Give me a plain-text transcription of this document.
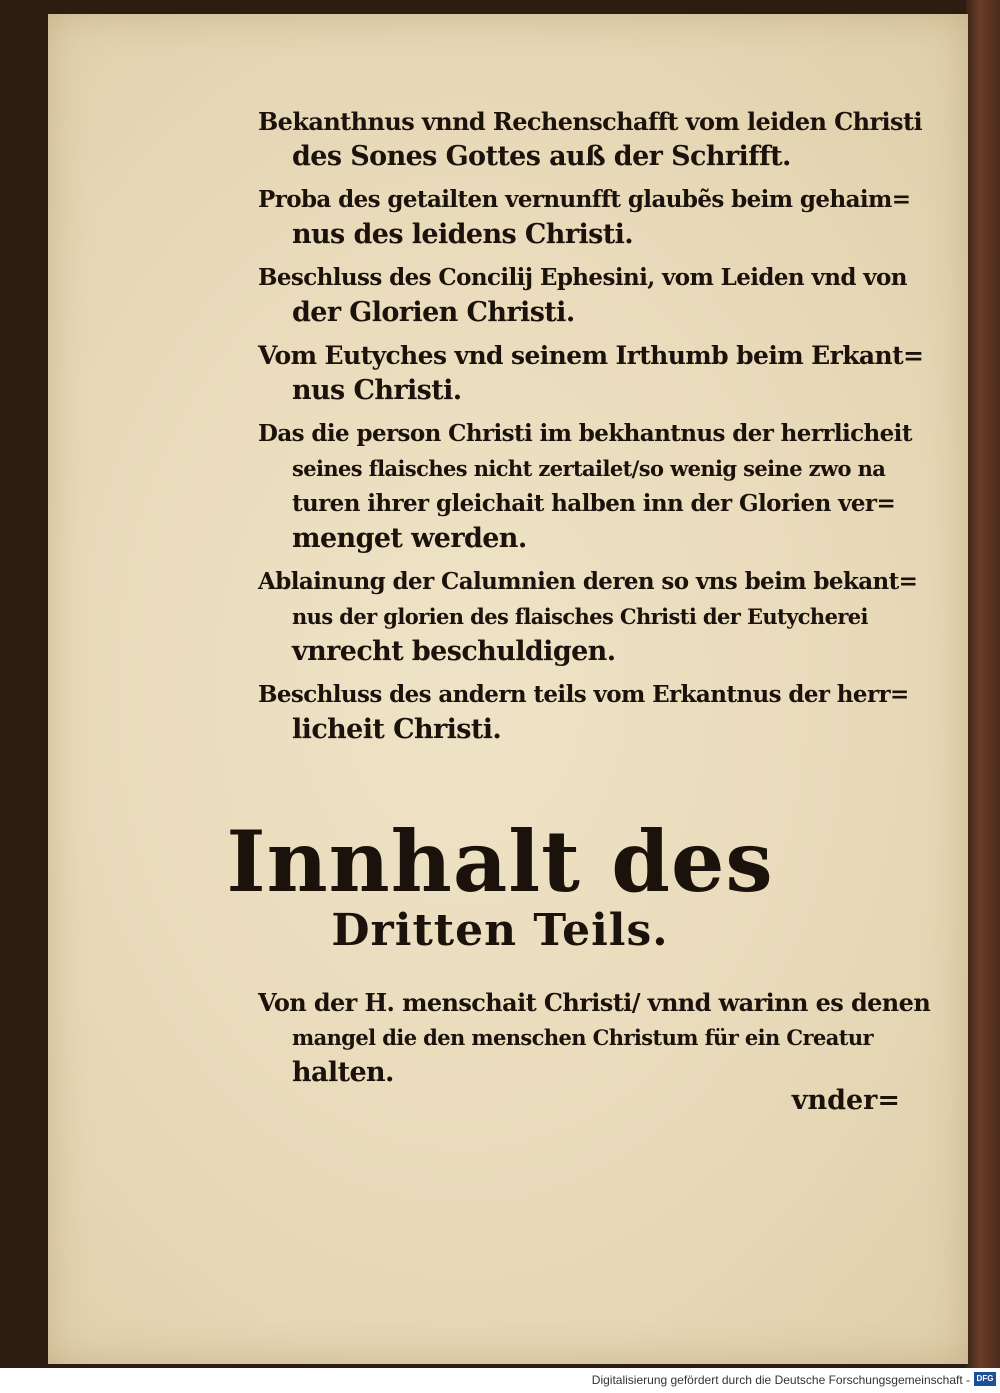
Bekanthnus vnnd Rechenschafft vom leiden Christi
des Sones Gottes auß der Schrifft.
Proba des getailten vernunfft glaubẽs beim gehaim=
nus des leidens Christi.
Beschluss des Concilij Ephesini, vom Leiden vnd von
der Glorien Christi.
Vom Eutyches vnd seinem Irthumb beim Erkant=
nus Christi.
Das die person Christi im bekhantnus der herrlicheit
seines flaisches nicht zertailet/so wenig seine zwo na
turen ihrer gleichait halben inn der Glorien ver=
menget werden.
Ablainung der Calumnien deren so vns beim bekant=
nus der glorien des flaisches Christi der Eutycherei
vnrecht beschuldigen.
Beschluss des andern teils vom Erkantnus der herr=
licheit Christi.
Innhalt des
Dritten Teils.
Von der H. menschait Christi/ vnnd warinn es denen
mangel die den menschen Christum für ein Creatur
halten.
vnder=
Digitalisierung gefördert durch die Deutsche Forschungsgemeinschaft - DFG
